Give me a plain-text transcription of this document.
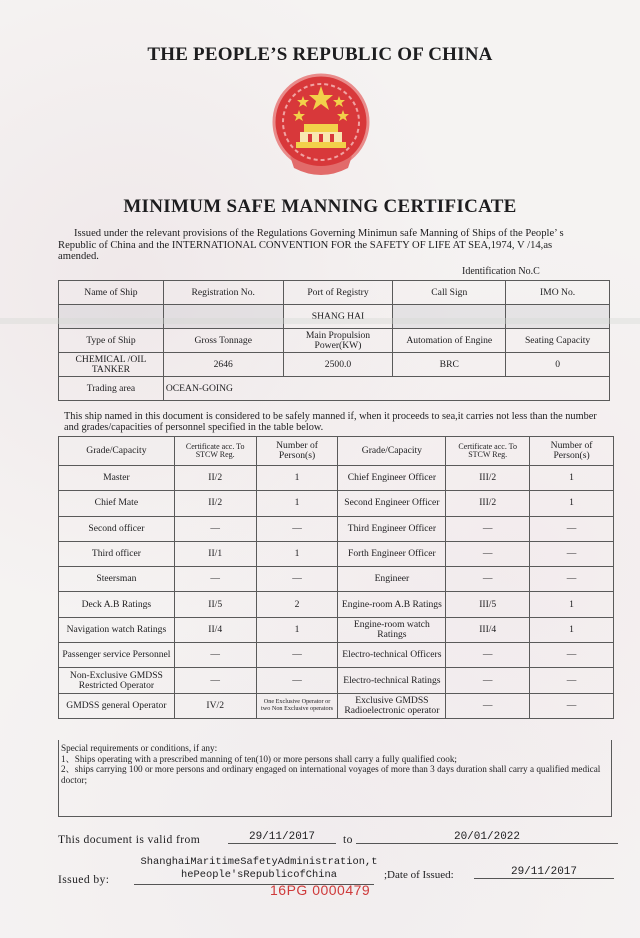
THE PEOPLE’S REPUBLIC OF CHINA
MINIMUM SAFE MANNING CERTIFICATE
Issued under the relevant provisions of the Regulations Governing Minimun safe Manning of Ships of the People’ s Republic of China and the INTERNATIONAL CONVENTION FOR the SAFETY OF LIFE AT SEA,1974, V /14,as amended.
Identification No.C
Name of Ship	Registration No.	Port of Registry	Call Sign	IMO No.
		SHANG HAI		
Type of Ship	Gross Tonnage	Main Propulsion Power(KW)	Automation of Engine	Seating Capacity
CHEMICAL /OIL TANKER	2646	2500.0	BRC	0
Trading area	OCEAN-GOING			
This ship named in this document is considered to be safely manned if, when it proceeds to sea,it carries not less than the number and grades/capacities of personnel specified in the table below.
Grade/Capacity	Certificate acc. To STCW Reg.	Number of Person(s)	Grade/Capacity	Certificate acc. To STCW Reg.	Number of Person(s)
Master	II/2	1	Chief Engineer Officer	III/2	1
Chief Mate	II/2	1	Second Engineer Officer	III/2	1
Second officer	—	—	Third Engineer Officer	—	—
Third officer	II/1	1	Forth Engineer Officer	—	—
Steersman	—	—	Engineer	—	—
Deck A.B Ratings	II/5	2	Engine-room A.B Ratings	III/5	1
Navigation watch Ratings	II/4	1	Engine-room watch Ratings	III/4	1
Passenger service Personnel	—	—	Electro-technical Officers	—	—
Non-Exclusive GMDSS Restricted Operator	—	—	Electro-technical Ratings	—	—
GMDSS general Operator	IV/2	One Exclusive Operator or two Non Exclusive operators	Exclusive GMDSS Radioelectronic operator	—	—
Special requirements or conditions, if any:
1、Ships operating with a prescribed manning of ten(10) or more persons shall carry a fully qualified cook;
2、ships carrying 100 or more persons and ordinary engaged on international voyages of more than 3 days duration shall carry a qualified medical doctor;
This document is valid from	29/11/2017	to	20/01/2022
Issued by:
ShanghaiMaritimeSafetyAdministration,t
hePeople'sRepublicofChina	;Date of Issued:	29/11/2017
16PG 0000479
